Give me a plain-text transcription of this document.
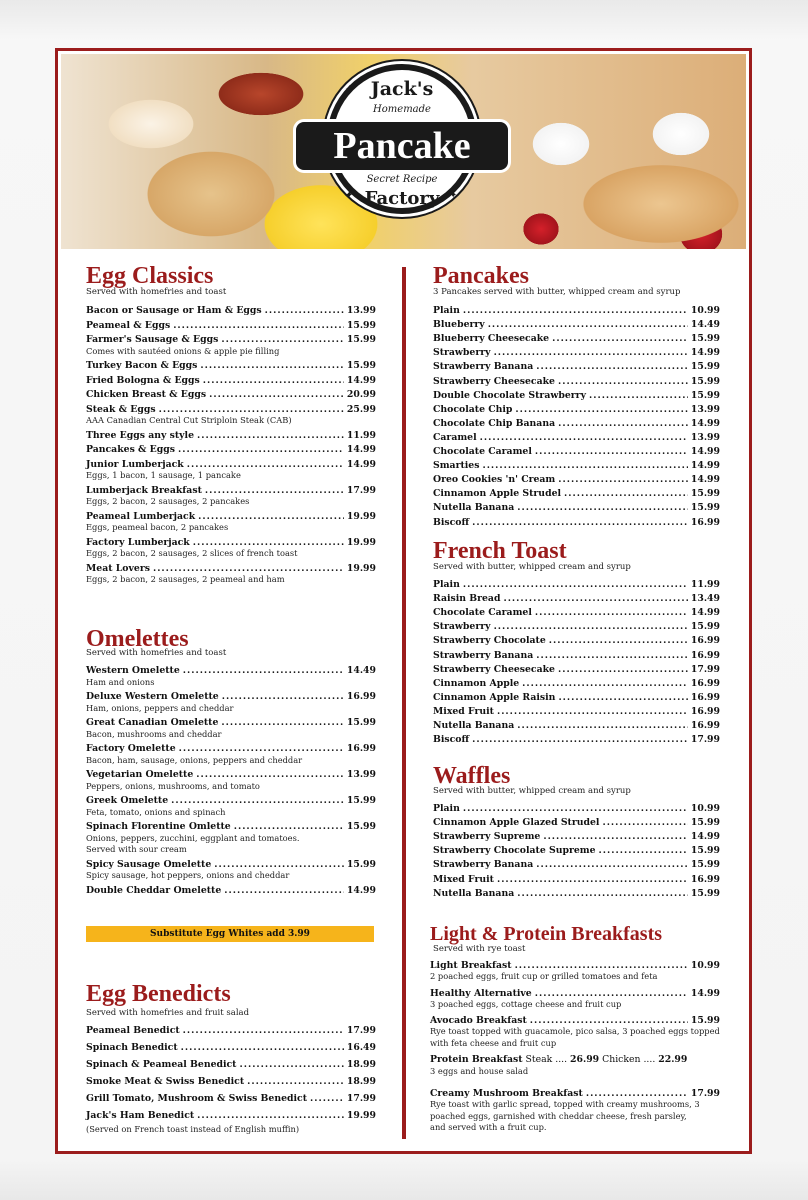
Jack's
Homemade
Pancake
Secret Recipe
Factory
✦	✦
✦	✦
Egg Classics
Served with homefries and toast
Bacon or Sausage or Ham & Eggs .....	13.99
Peameal & Eggs .....	15.99
Farmer's Sausage & Eggs .....	15.99
Comes with sautéed onions & apple pie filling
Turkey Bacon & Eggs .....	15.99
Fried Bologna & Eggs .....	14.99
Chicken Breast & Eggs .....	20.99
Steak & Eggs .....	25.99
AAA Canadian Central Cut Striploin Steak (CAB)
Three Eggs any style .....	11.99
Pancakes & Eggs .....	14.99
Junior Lumberjack .....	14.99
Eggs, 1 bacon, 1 sausage, 1 pancake
Lumberjack Breakfast .....	17.99
Eggs, 2 bacon, 2 sausages, 2 pancakes
Peameal Lumberjack .....	19.99
Eggs, peameal bacon, 2 pancakes
Factory Lumberjack .....	19.99
Eggs, 2 bacon, 2 sausages, 2 slices of french toast
Meat Lovers .....	19.99
Eggs, 2 bacon, 2 sausages, 2 peameal and ham
Omelettes
Served with homefries and toast
Western Omelette .....	14.49
Ham and onions
Deluxe Western Omelette .....	16.99
Ham, onions, peppers and cheddar
Great Canadian Omelette .....	15.99
Bacon, mushrooms and cheddar
Factory Omelette .....	16.99
Bacon, ham, sausage, onions, peppers and cheddar
Vegetarian Omelette .....	13.99
Peppers, onions, mushrooms, and tomato
Greek Omelette .....	15.99
Feta, tomato, onions and spinach
Spinach Florentine Omlette .....	15.99
Onions, peppers, zucchini, eggplant and tomatoes.
Served with sour cream
Spicy Sausage Omelette .....	15.99
Spicy sausage, hot peppers, onions and cheddar
Double Cheddar Omelette .....	14.99
Substitute Egg Whites add 3.99
Egg Benedicts
Served with homefries and fruit salad
Peameal Benedict .....	17.99
Spinach Benedict .....	16.49
Spinach & Peameal Benedict .....	18.99
Smoke Meat & Swiss Benedict .....	18.99
Grill Tomato, Mushroom & Swiss Benedict .....	17.99
Jack's Ham Benedict .....	19.99
(Served on French toast instead of English muffin)
Pancakes
3 Pancakes served with butter, whipped cream and syrup
Plain .....	10.99
Blueberry .....	14.49
Blueberry Cheesecake .....	15.99
Strawberry .....	14.99
Strawberry Banana .....	15.99
Strawberry Cheesecake .....	15.99
Double Chocolate Strawberry .....	15.99
Chocolate Chip .....	13.99
Chocolate Chip Banana .....	14.99
Caramel .....	13.99
Chocolate Caramel .....	14.99
Smarties .....	14.99
Oreo Cookies 'n' Cream .....	14.99
Cinnamon Apple Strudel .....	15.99
Nutella Banana .....	15.99
Biscoff .....	16.99
French Toast
Served with butter, whipped cream and syrup
Plain .....	11.99
Raisin Bread .....	13.49
Chocolate Caramel .....	14.99
Strawberry .....	15.99
Strawberry Chocolate .....	16.99
Strawberry Banana .....	16.99
Strawberry Cheesecake .....	17.99
Cinnamon Apple .....	16.99
Cinnamon Apple Raisin .....	16.99
Mixed Fruit .....	16.99
Nutella Banana .....	16.99
Biscoff .....	17.99
Waffles
Served with butter, whipped cream and syrup
Plain .....	10.99
Cinnamon Apple Glazed Strudel .....	15.99
Strawberry Supreme .....	14.99
Strawberry Chocolate Supreme .....	15.99
Strawberry Banana .....	15.99
Mixed Fruit .....	16.99
Nutella Banana .....	15.99
Light & Protein Breakfasts
Served with rye toast
Light Breakfast .....	10.99
2 poached eggs, fruit cup or grilled tomatoes and feta
Healthy Alternative .....	14.99
3 poached eggs, cottage cheese and fruit cup
Avocado Breakfast .....	15.99
Rye toast topped with guacamole, pico salsa, 3 poached eggs topped
with feta cheese and fruit cup
Protein Breakfast Steak .... 26.99 Chicken .... 22.99
3 eggs and house salad
Creamy Mushroom Breakfast .....	17.99
Rye toast with garlic spread, topped with creamy mushrooms, 3
poached eggs, garnished with cheddar cheese, fresh parsley,
and served with a fruit cup.
